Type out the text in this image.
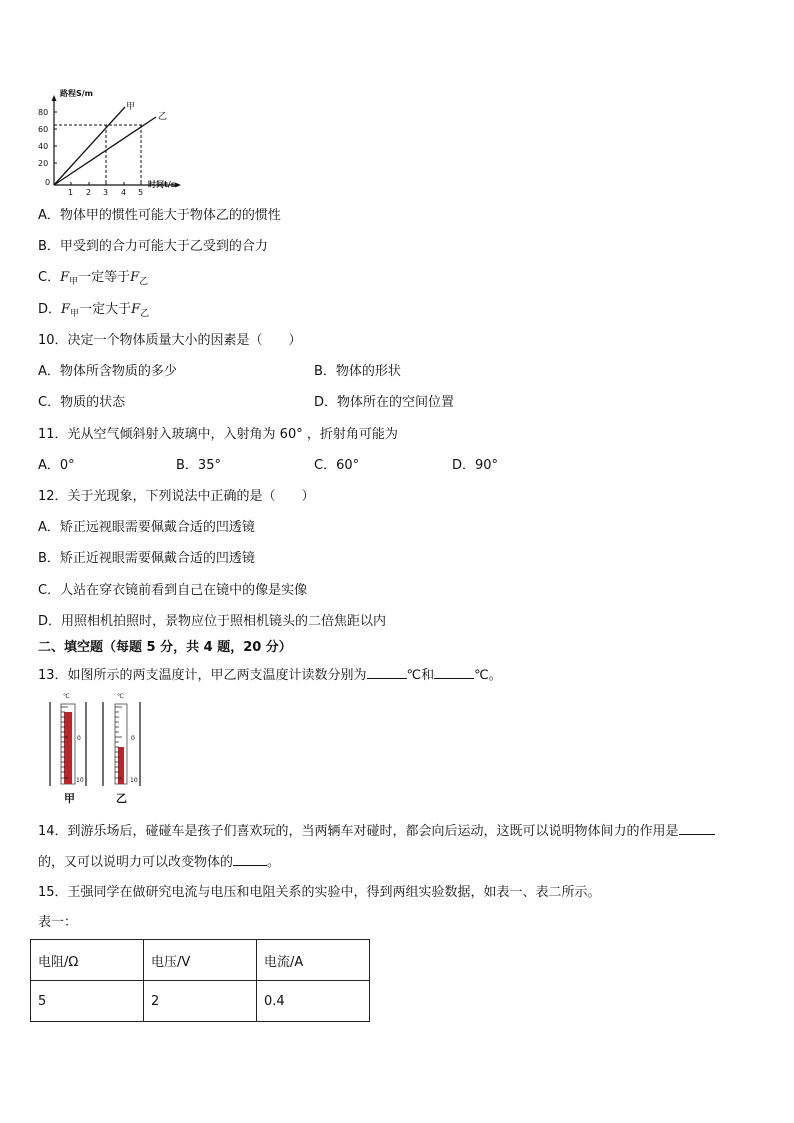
路程S/m
80
60
40
20
0
1 2 3 4 5
时间t/s
甲
乙
A．物体甲的惯性可能大于物体乙的的惯性
B．甲受到的合力可能大于乙受到的合力
C．$F_甲$一定等于$F_乙$
D．$F_甲$一定大于$F_乙$
10．决定一个物体质量大小的因素是（　　）
A．物体所含物质的多少	B．物体的形状
C．物质的状态	D．物体所在的空间位置
11．光从空气倾斜射入玻璃中，入射角为 60° ，折射角可能为
A．0°	B．35°	C．60°	D．90°
12．关于光现象，下列说法中正确的是（　　）
A．矫正远视眼需要佩戴合适的凹透镜
B．矫正近视眼需要佩戴合适的凹透镜
C．人站在穿衣镜前看到自己在镜中的像是实像
D．用照相机拍照时，景物应位于照相机镜头的二倍焦距以内
二、填空题（每题 5 分，共 4 题，20 分）
13．如图所示的两支温度计，甲乙两支温度计读数分别为	℃和	℃。
℃
0
10
甲
℃
0
10
乙
14．到游乐场后，碰碰车是孩子们喜欢玩的，当两辆车对碰时，都会向后运动，这既可以说明物体间力的作用是
的，又可以说明力可以改变物体的	。
15．王强同学在做研究电流与电压和电阻关系的实验中，得到两组实验数据，如表一、表二所示。
表一：
电阻/Ω	电压/V	电流/A
5	2	0.4
